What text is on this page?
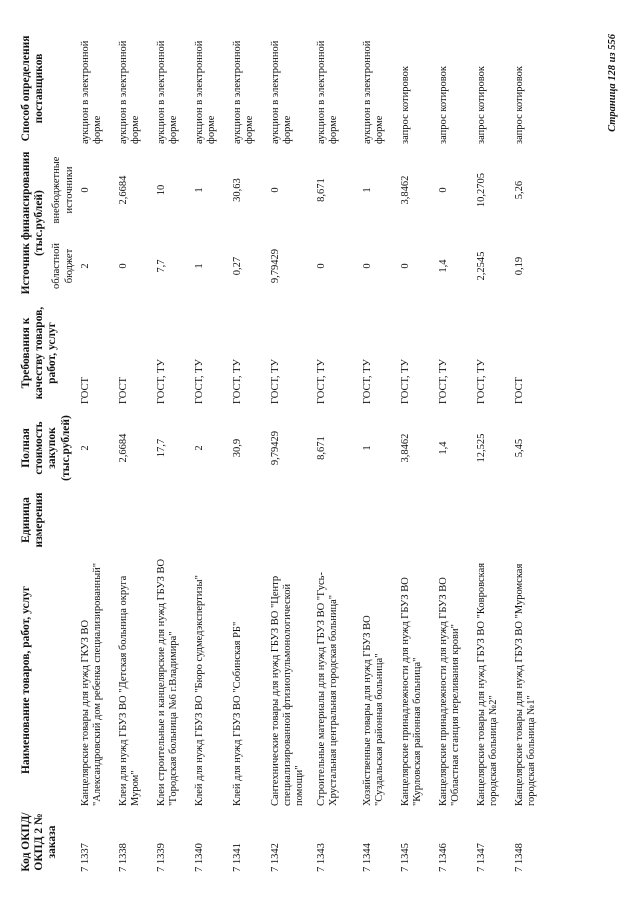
Код ОКПД/ ОКПД 2 № заказа	Наименование товаров, работ, услуг	Единица измерения	Полная стоимость закупок (тыс.рублей)	Требования к качеству товаров, работ, услуг	Источник финансирования (тыс.рублей)		Способ определения поставщиков
					областной бюджет	внебюджетные источники	
7 1337	Канцелярские товары для нужд ГКУЗ ВО "Александровский дом ребенка специализированный"		2	ГОСТ	2	0	аукцион в электронной форме
7 1338	Клеи для нужд ГБУЗ ВО "Детская больница округа Муром"		2,6684	ГОСТ	0	2,6684	аукцион в электронной форме
7 1339	Клеи строительные и канцелярские для нужд ГБУЗ ВО "Городская больница №6 г.Владимира"		17,7	ГОСТ, ТУ	7,7	10	аукцион в электронной форме
7 1340	Клей для нужд ГБУЗ ВО "Бюро судмедэкспертизы"		2	ГОСТ, ТУ	1	1	аукцион в электронной форме
7 1341	Клей для нужд ГБУЗ ВО "Собинская РБ"		30,9	ГОСТ, ТУ	0,27	30,63	аукцион в электронной форме
7 1342	Сантехнические товары для нужд ГБУЗ ВО "Центр специализированной фтизиопульмонологической помощи"		9,79429	ГОСТ, ТУ	9,79429	0	аукцион в электронной форме
7 1343	Строительные материалы для нужд ГБУЗ ВО "Гусь-Хрустальная центральная городская больница"		8,671	ГОСТ, ТУ	0	8,671	аукцион в электронной форме
7 1344	Хозяйственные товары для нужд ГБУЗ ВО "Суздальская районная больница"		1	ГОСТ, ТУ	0	1	аукцион в электронной форме
7 1345	Канцелярские принадлежности для нужд ГБУЗ ВО "Курловская районная больница"		3,8462	ГОСТ, ТУ	0	3,8462	запрос котировок
7 1346	Канцелярские принадлежности для нужд ГБУЗ ВО "Областная станция переливания крови"		1,4	ГОСТ, ТУ	1,4	0	запрос котировок
7 1347	Канцелярские товары для нужд ГБУЗ ВО "Ковровская городская больница №2"		12,525	ГОСТ, ТУ	2,2545	10,2705	запрос котировок
7 1348	Канцелярские товары для нужд ГБУЗ ВО "Муромская городская больница №1"		5,45	ГОСТ	0,19	5,26	запрос котировок	Страница 128 из 556
